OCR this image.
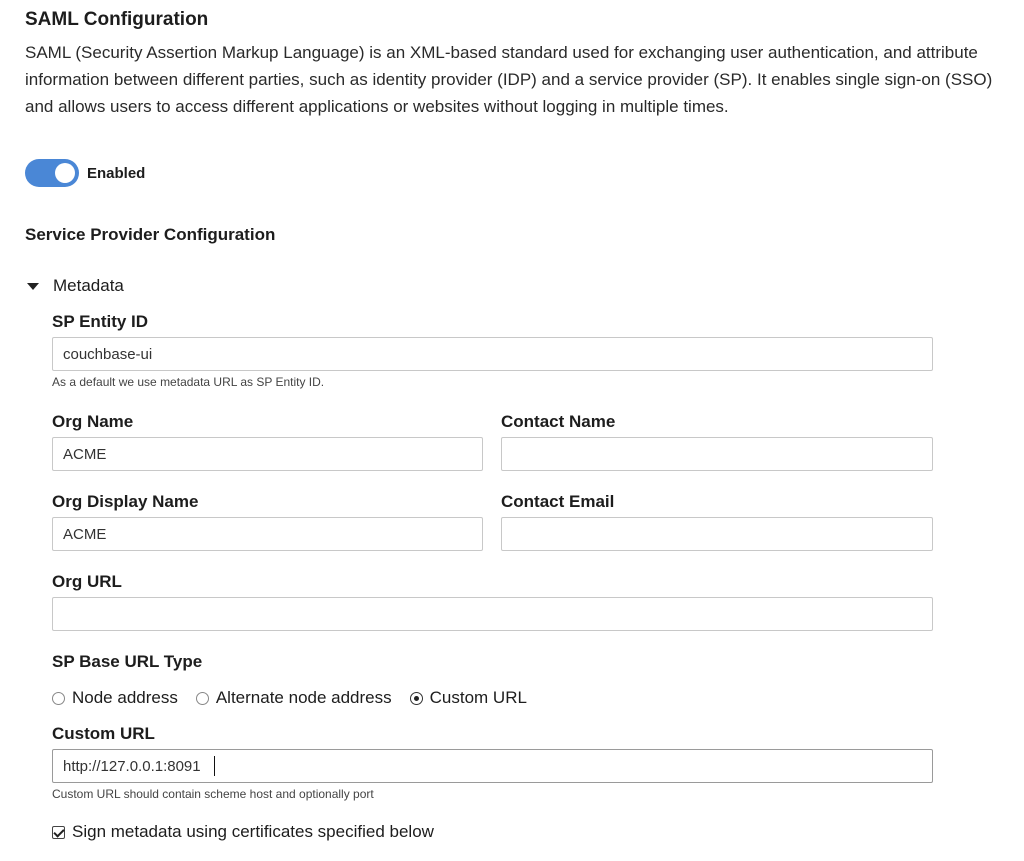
SAML Configuration
SAML (Security Assertion Markup Language) is an XML-based standard used for exchanging user authentication, and attribute information between different parties, such as identity provider (IDP) and a service provider (SP). It enables single sign-on (SSO) and allows users to access different applications or websites without logging in multiple times.
Enabled
Service Provider Configuration
Metadata
SP Entity ID
couchbase-ui
As a default we use metadata URL as SP Entity ID.
Org Name
ACME	Contact Name
Org Display Name
ACME	Contact Email
Org URL
SP Base URL Type
Node address Alternate node address Custom URL
Custom URL
http://127.0.0.1:8091
Custom URL should contain scheme host and optionally port
Sign metadata using certificates specified below
